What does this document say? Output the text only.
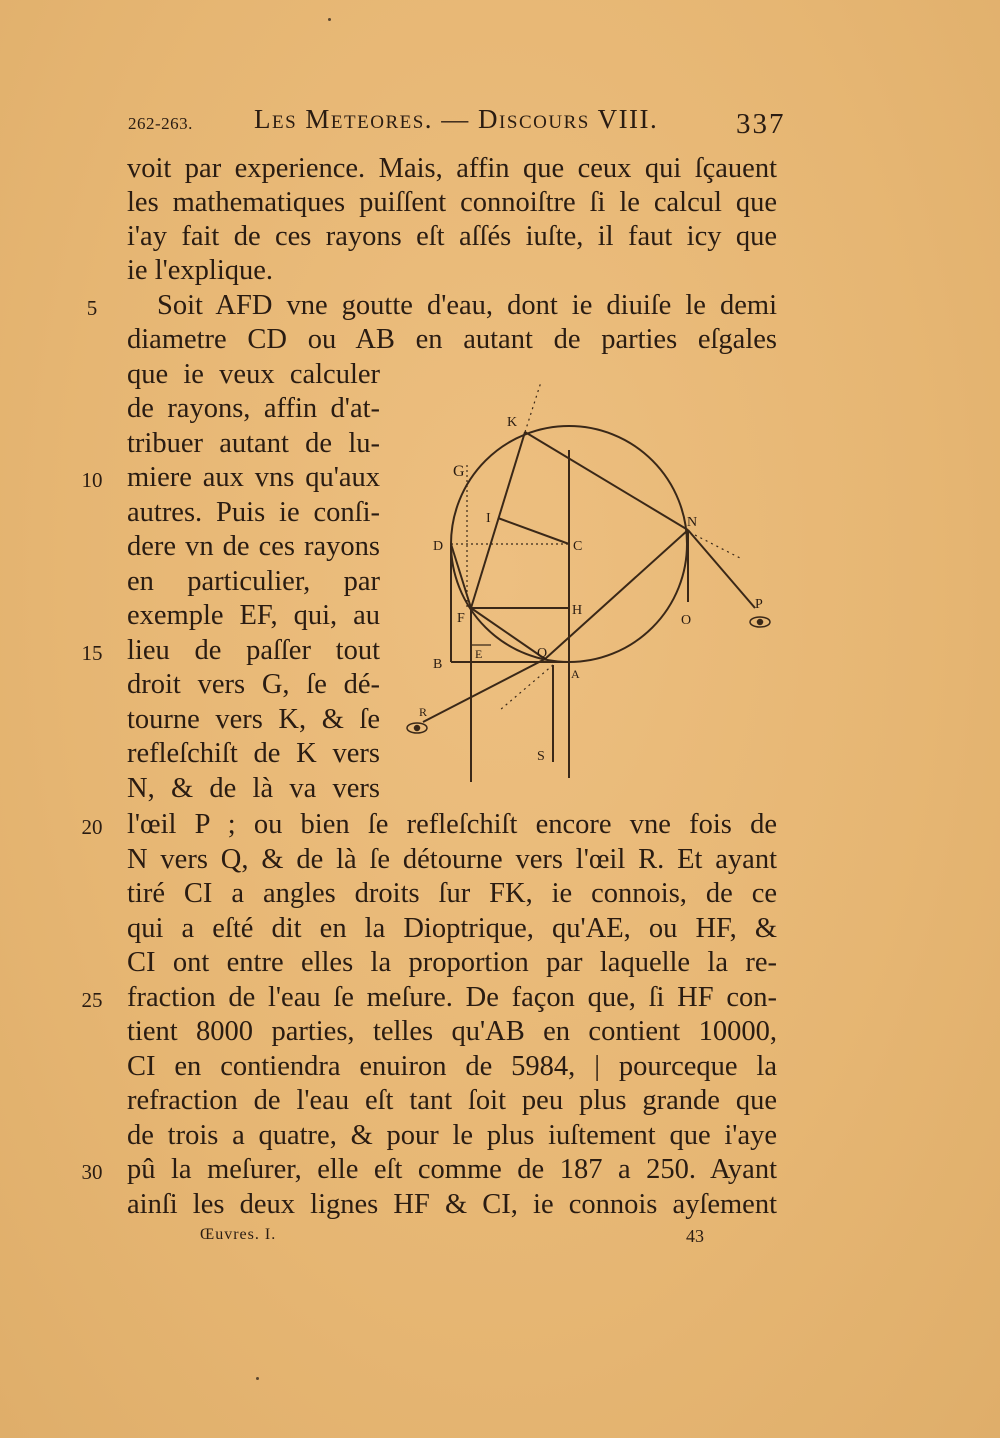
262-263. Les Meteores. — Discours VIII.	337
voit par experience. Mais, affin que ceux qui ſçauent
les mathematiques puiſſent connoiſtre ſi le calcul que
i'ay fait de ces rayons eſt aſſés iuſte, il faut icy que
ie l'explique.
Soit AFD vne goutte d'eau, dont ie diuiſe le demi
diametre CD ou AB en autant de parties eſgales
que ie veux calculer
de rayons, affin d'at-
tribuer autant de lu-
miere aux vns qu'aux
autres. Puis ie conſi-
dere vn de ces rayons
en particulier, par
exemple EF, qui, au
lieu de paſſer tout
droit vers G, ſe dé-
tourne vers K, & ſe
refleſchiſt de K vers
N, & de là va vers
l'œil P ; ou bien ſe refleſchiſt encore vne fois de
N vers Q, & de là ſe détourne vers l'œil R. Et ayant
tiré CI a angles droits ſur FK, ie connois, de ce
qui a eſté dit en la Dioptrique, qu'AE, ou HF, &
CI ont entre elles la proportion par laquelle la re-
fraction de l'eau ſe meſure. De façon que, ſi HF con-
tient 8000 parties, telles qu'AB en contient 10000,
CI en contiendra enuiron de 5984, | pourceque la
refraction de l'eau eſt tant ſoit peu plus grande que
de trois a quatre, & pour le plus iuſtement que i'aye
pû la meſurer, elle eſt comme de 187 a 250. Ayant
ainſi les deux lignes HF & CI, ie connois ayſement
5
10
15
20
25
30
K
G
I
D	C
N
F
H
O
P
B
E	Q
A
R
S
Œuvres. I.	43
